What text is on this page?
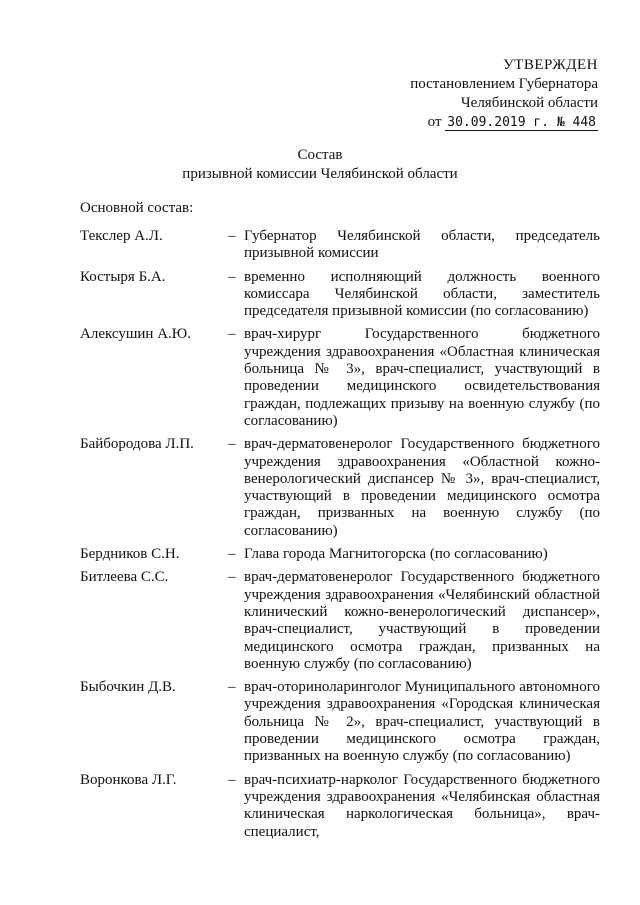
УТВЕРЖДЕН
постановлением Губернатора
Челябинской области
от 30.09.2019 г. № 448
Состав
призывной комиссии Челябинской области
Основной состав:
Текслер А.Л.	– Губернатор Челябинской области, председатель призывной комиссии
Костыря Б.А.	– временно исполняющий должность военного комиссара Челябинской области, заместитель председателя призывной комиссии (по согласованию)
Алексушин А.Ю.	– врач-хирург Государственного бюджетного учреждения здравоохранения «Областная клиническая больница № 3», врач-специалист, участвующий в проведении медицинского освидетельствования граждан, подлежащих призыву на военную службу (по согласованию)
Байбородова Л.П.	– врач-дерматовенеролог Государственного бюджетного учреждения здравоохранения «Областной кожно-венерологический диспансер № 3», врач-специалист, участвующий в проведении медицинского осмотра граждан, призванных на военную службу (по согласованию)
Бердников С.Н.	– Глава города Магнитогорска (по согласованию)
Битлеева С.С.	– врач-дерматовенеролог Государственного бюджетного учреждения здравоохранения «Челябинский областной клинический кожно-венерологический диспансер», врач-специалист, участвующий в проведении медицинского осмотра граждан, призванных на военную службу (по согласованию)
Быбочкин Д.В.	– врач-оториноларинголог Муниципального автономного учреждения здравоохранения «Городская клиническая больница № 2», врач-специалист, участвующий в проведении медицинского осмотра граждан, призванных на военную службу (по согласованию)
Воронкова Л.Г.	– врач-психиатр-нарколог Государственного бюджетного учреждения здравоохранения «Челябинская областная клиническая наркологическая больница», врач-специалист,
